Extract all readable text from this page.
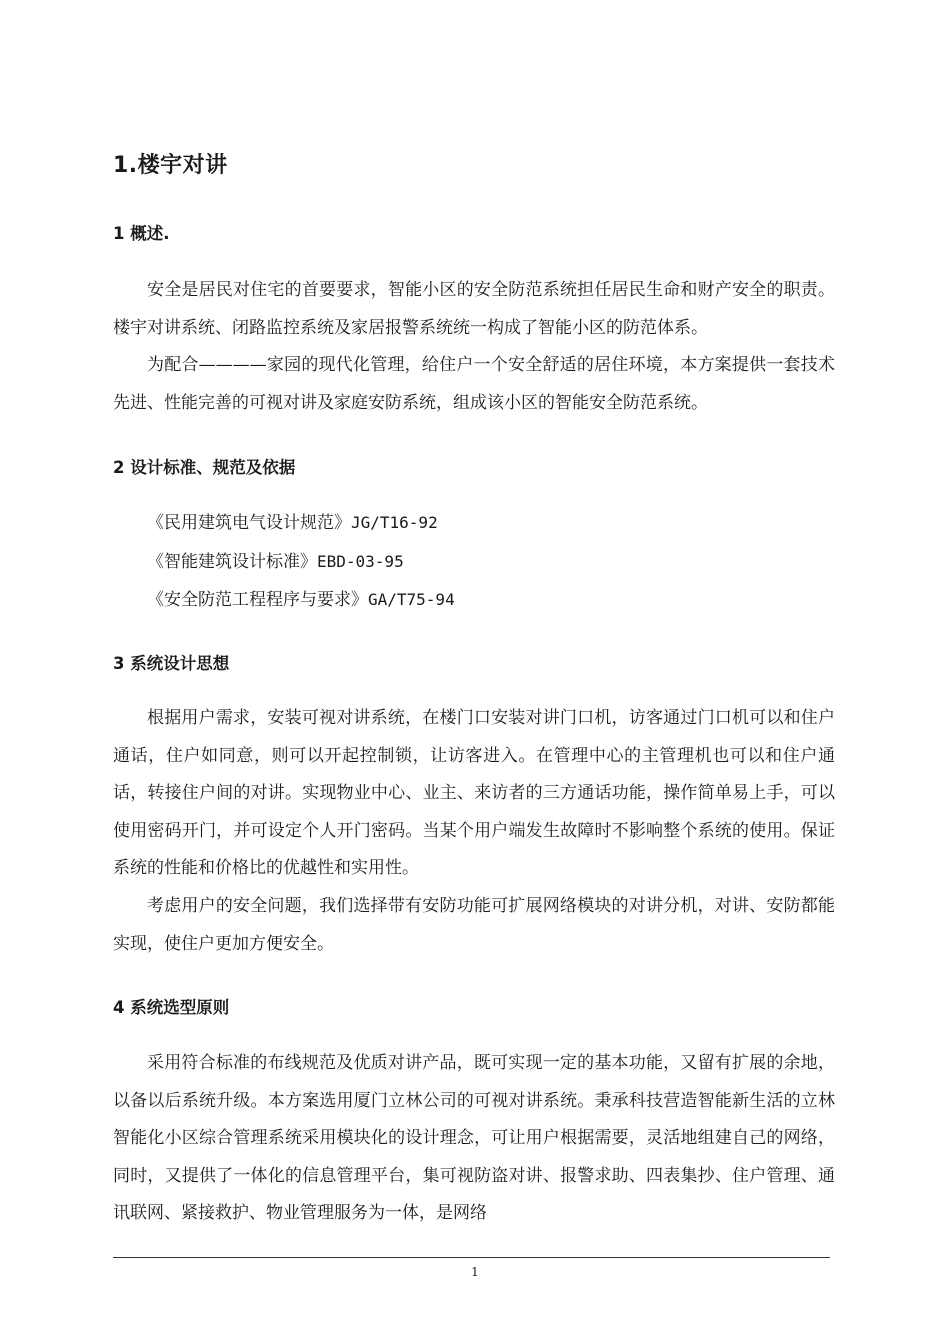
1.楼宇对讲
1 概述.

安全是居民对住宅的首要要求，智能小区的安全防范系统担任居民生命和财产安全的职责。楼宇对讲系统、闭路监控系统及家居报警系统统一构成了智能小区的防范体系。

为配合————家园的现代化管理，给住户一个安全舒适的居住环境，本方案提供一套技术先进、性能完善的可视对讲及家庭安防系统，组成该小区的智能安全防范系统。

2 设计标准、规范及依据
《民用建筑电气设计规范》JG/T16-92
《智能建筑设计标准》EBD-03-95
《安全防范工程程序与要求》GA/T75-94
3 系统设计思想

根据用户需求，安装可视对讲系统，在楼门口安装对讲门口机，访客通过门口机可以和住户通话，住户如同意，则可以开起控制锁，让访客进入。在管理中心的主管理机也可以和住户通话，转接住户间的对讲。实现物业中心、业主、来访者的三方通话功能，操作简单易上手，可以使用密码开门，并可设定个人开门密码。当某个用户端发生故障时不影响整个系统的使用。保证系统的性能和价格比的优越性和实用性。

考虑用户的安全问题，我们选择带有安防功能可扩展网络模块的对讲分机，对讲、安防都能实现，使住户更加方便安全。

4 系统选型原则

采用符合标准的布线规范及优质对讲产品，既可实现一定的基本功能，又留有扩展的余地，以备以后系统升级。本方案选用厦门立林公司的可视对讲系统。秉承科技营造智能新生活的立林智能化小区综合管理系统采用模块化的设计理念，可让用户根据需要，灵活地组建自己的网络，同时，又提供了一体化的信息管理平台，集可视防盗对讲、报警求助、四表集抄、住户管理、通讯联网、紧接救护、物业管理服务为一体，是网络

1
